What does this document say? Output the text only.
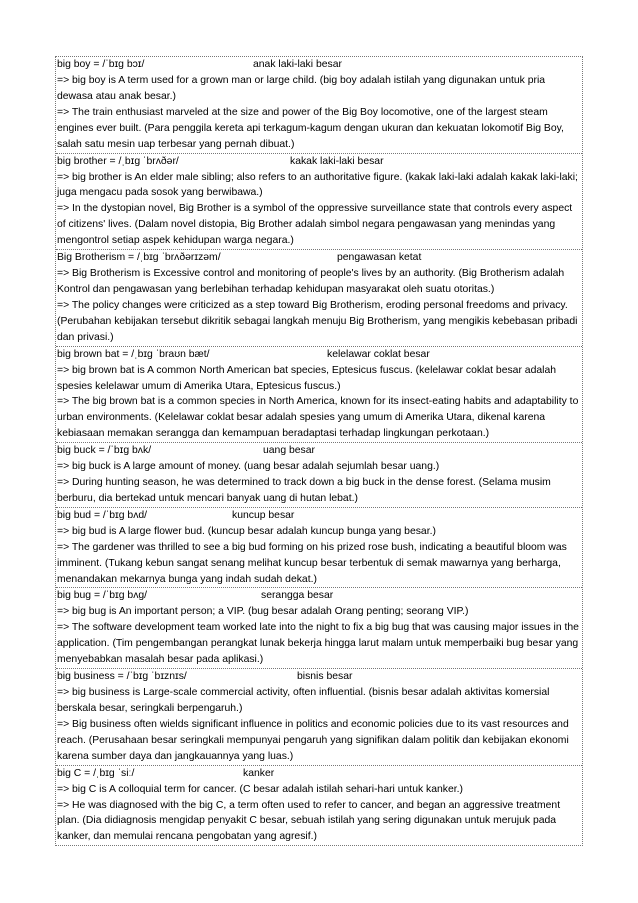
big boy = /ˈbɪɡ bɔɪ/	anak laki-laki besar
=> big boy is A term used for a grown man or large child. (big boy adalah istilah yang digunakan untuk pria dewasa atau anak besar.)
=> The train enthusiast marveled at the size and power of the Big Boy locomotive, one of the largest steam engines ever built. (Para penggila kereta api terkagum-kagum dengan ukuran dan kekuatan lokomotif Big Boy, salah satu mesin uap terbesar yang pernah dibuat.)
big brother = /ˌbɪɡ ˈbrʌðər/	kakak laki-laki besar
=> big brother is An elder male sibling; also refers to an authoritative figure. (kakak laki-laki adalah kakak laki-laki; juga mengacu pada sosok yang berwibawa.)
=> In the dystopian novel, Big Brother is a symbol of the oppressive surveillance state that controls every aspect of citizens' lives. (Dalam novel distopia, Big Brother adalah simbol negara pengawasan yang menindas yang mengontrol setiap aspek kehidupan warga negara.)
Big Brotherism = /ˌbɪɡ ˈbrʌðərɪzəm/	pengawasan ketat
=> Big Brotherism is Excessive control and monitoring of people's lives by an authority. (Big Brotherism adalah Kontrol dan pengawasan yang berlebihan terhadap kehidupan masyarakat oleh suatu otoritas.)
=> The policy changes were criticized as a step toward Big Brotherism, eroding personal freedoms and privacy. (Perubahan kebijakan tersebut dikritik sebagai langkah menuju Big Brotherism, yang mengikis kebebasan pribadi dan privasi.)
big brown bat = /ˌbɪɡ ˈbraʊn bæt/	kelelawar coklat besar
=> big brown bat is A common North American bat species, Eptesicus fuscus. (kelelawar coklat besar adalah spesies kelelawar umum di Amerika Utara, Eptesicus fuscus.)
=> The big brown bat is a common species in North America, known for its insect-eating habits and adaptability to urban environments. (Kelelawar coklat besar adalah spesies yang umum di Amerika Utara, dikenal karena kebiasaan memakan serangga dan kemampuan beradaptasi terhadap lingkungan perkotaan.)
big buck = /ˈbɪɡ bʌk/	uang besar
=> big buck is A large amount of money. (uang besar adalah sejumlah besar uang.)
=> During hunting season, he was determined to track down a big buck in the dense forest. (Selama musim berburu, dia bertekad untuk mencari banyak uang di hutan lebat.)
big bud = /ˈbɪɡ bʌd/	kuncup besar
=> big bud is A large flower bud. (kuncup besar adalah kuncup bunga yang besar.)
=> The gardener was thrilled to see a big bud forming on his prized rose bush, indicating a beautiful bloom was imminent. (Tukang kebun sangat senang melihat kuncup besar terbentuk di semak mawarnya yang berharga, menandakan mekarnya bunga yang indah sudah dekat.)
big bug = /ˈbɪɡ bʌɡ/	serangga besar
=> big bug is An important person; a VIP. (bug besar adalah Orang penting; seorang VIP.)
=> The software development team worked late into the night to fix a big bug that was causing major issues in the application. (Tim pengembangan perangkat lunak bekerja hingga larut malam untuk memperbaiki bug besar yang menyebabkan masalah besar pada aplikasi.)
big business = /ˈbɪɡ ˈbɪznɪs/	bisnis besar
=> big business is Large-scale commercial activity, often influential. (bisnis besar adalah aktivitas komersial berskala besar, seringkali berpengaruh.)
=> Big business often wields significant influence in politics and economic policies due to its vast resources and reach. (Perusahaan besar seringkali mempunyai pengaruh yang signifikan dalam politik dan kebijakan ekonomi karena sumber daya dan jangkauannya yang luas.)
big C = /ˌbɪɡ ˈsiː/	kanker
=> big C is A colloquial term for cancer. (C besar adalah istilah sehari-hari untuk kanker.)
=> He was diagnosed with the big C, a term often used to refer to cancer, and began an aggressive treatment plan. (Dia didiagnosis mengidap penyakit C besar, sebuah istilah yang sering digunakan untuk merujuk pada kanker, dan memulai rencana pengobatan yang agresif.)
